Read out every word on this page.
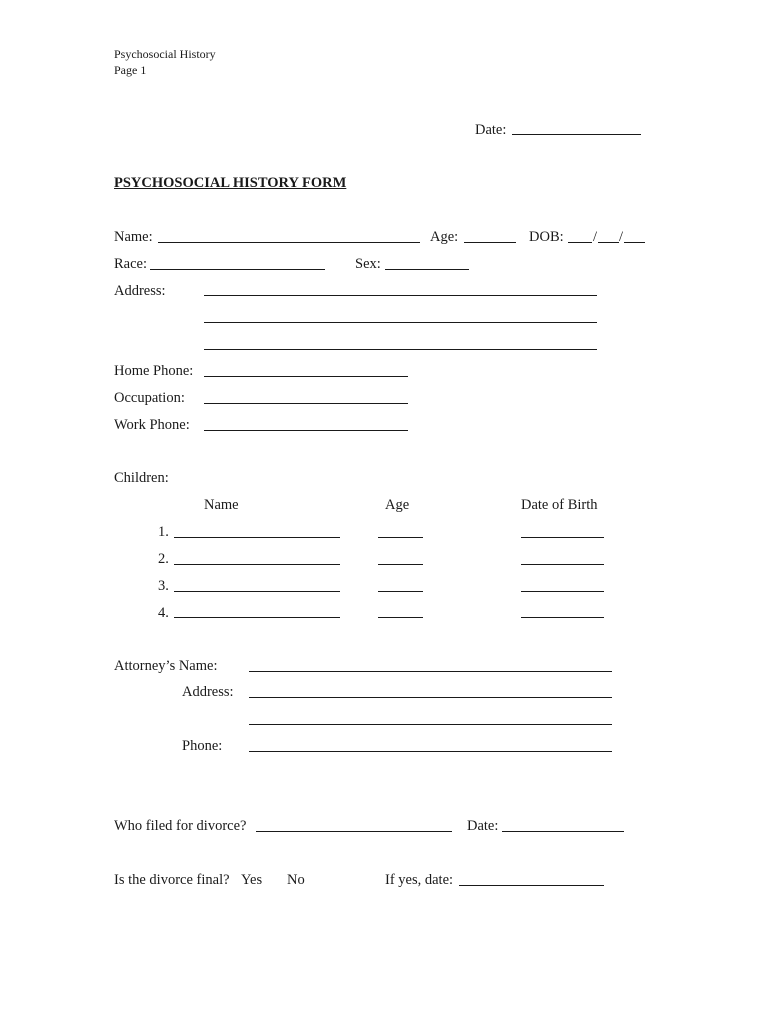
Psychosocial History
Page 1
Date:
PSYCHOSOCIAL HISTORY FORM
Name:	Age:	DOB: / /
Race:	Sex:
Address:
Home Phone:
Occupation:
Work Phone:
Children:
Name	Age	Date of Birth
1.
2.
3.
4.
Attorney’s Name:
Address:
Phone:
Who filed for divorce?	Date:
Is the divorce final? Yes No	If yes, date:
